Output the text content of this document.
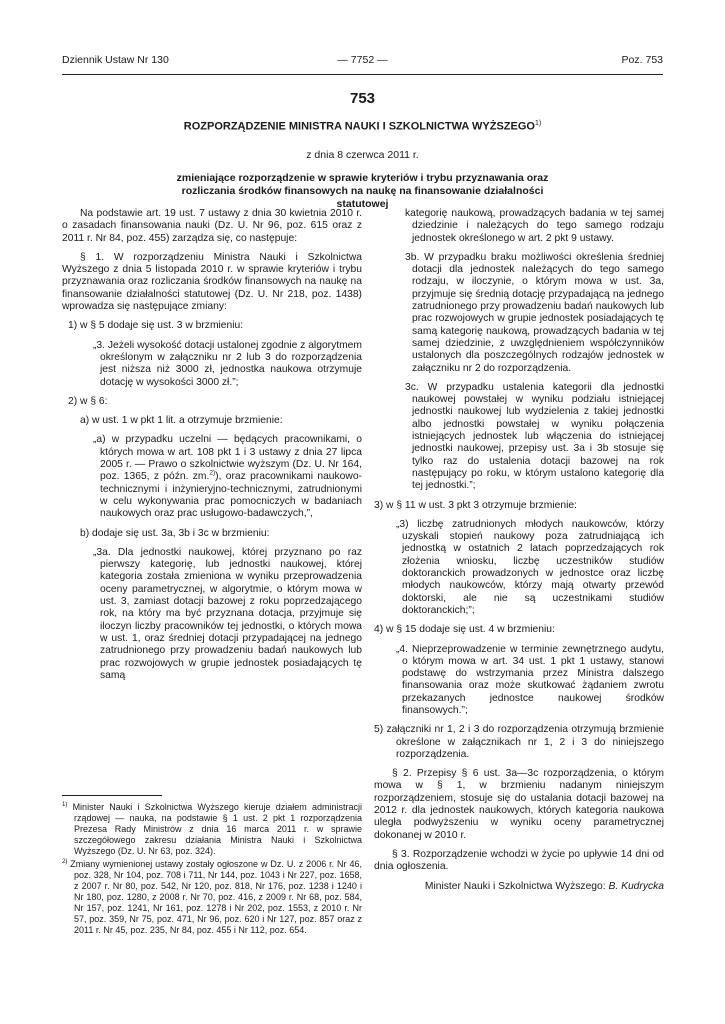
Dziennik Ustaw Nr 130	— 7752 —	Poz. 753
753
ROZPORZĄDZENIE MINISTRA NAUKI I SZKOLNICTWA WYŻSZEGO$^{1)}$
z dnia 8 czerwca 2011 r.
zmieniające rozporządzenie w sprawie kryteriów i trybu przyznawania oraz rozliczania środków finansowych na naukę na finansowanie działalności statutowej

Na podstawie art. 19 ust. 7 ustawy z dnia 30 kwietnia 2010 r. o zasadach finansowania nauki (Dz. U. Nr 96, poz. 615 oraz z 2011 r. Nr 84, poz. 455) zarządza się, co następuje:

§ 1. W rozporządzeniu Ministra Nauki i Szkolnictwa Wyższego z dnia 5 listopada 2010 r. w sprawie kryteriów i trybu przyznawania oraz rozliczania środków finansowych na naukę na finansowanie działalności statutowej (Dz. U. Nr 218, poz. 1438) wprowadza się następujące zmiany:

1) w § 5 dodaje się ust. 3 w brzmieniu:

„3. Jeżeli wysokość dotacji ustalonej zgodnie z algorytmem określonym w załączniku nr 2 lub 3 do rozporządzenia jest niższa niż 3000 zł, jednostka naukowa otrzymuje dotację w wysokości 3000 zł.”;

2) w § 6:

a) w ust. 1 w pkt 1 lit. a otrzymuje brzmienie:

„a) w przypadku uczelni — będących pracownikami, o których mowa w art. 108 pkt 1 i 3 ustawy z dnia 27 lipca 2005 r. — Prawo o szkolnictwie wyższym (Dz. U. Nr 164, poz. 1365, z późn. zm.$^{2)}$), oraz pracownikami naukowo-technicznymi i inżynieryjno-technicznymi, zatrudnionymi w celu wykonywania prac pomocniczych w badaniach naukowych oraz prac usługowo-badawczych,”,

b) dodaje się ust. 3a, 3b i 3c w brzmieniu:

„3a. Dla jednostki naukowej, której przyznano po raz pierwszy kategorię, lub jednostki naukowej, której kategoria została zmieniona w wyniku przeprowadzenia oceny parametrycznej, w algorytmie, o którym mowa w ust. 3, zamiast dotacji bazowej z roku poprzedzającego rok, na który ma być przyznana dotacja, przyjmuje się iloczyn liczby pracowników tej jednostki, o których mowa w ust. 1, oraz średniej dotacji przypadającej na jednego zatrudnionego przy prowadzeniu badań naukowych lub prac rozwojowych w grupie jednostek posiadających tę samą

$^{1)}$ Minister Nauki i Szkolnictwa Wyższego kieruje działem administracji rządowej — nauka, na podstawie § 1 ust. 2 pkt 1 rozporządzenia Prezesa Rady Ministrów z dnia 16 marca 2011 r. w sprawie szczegółowego zakresu działania Ministra Nauki i Szkolnictwa Wyższego (Dz. U. Nr 63, poz. 324).

$^{2)}$ Zmiany wymienionej ustawy zostały ogłoszone w Dz. U. z 2006 r. Nr 46, poz. 328, Nr 104, poz. 708 i 711, Nr 144, poz. 1043 i Nr 227, poz. 1658, z 2007 r. Nr 80, poz. 542, Nr 120, poz. 818, Nr 176, poz. 1238 i 1240 i Nr 180, poz. 1280, z 2008 r. Nr 70, poz. 416, z 2009 r. Nr 68, poz. 584, Nr 157, poz. 1241, Nr 161, poz. 1278 i Nr 202, poz. 1553, z 2010 r. Nr 57, poz. 359, Nr 75, poz. 471, Nr 96, poz. 620 i Nr 127, poz. 857 oraz z 2011 r. Nr 45, poz. 235, Nr 84, poz. 455 i Nr 112, poz. 654.

kategorię naukową, prowadzących badania w tej samej dziedzinie i należących do tego samego rodzaju jednostek określonego w art. 2 pkt 9 ustawy.

3b. W przypadku braku możliwości określenia średniej dotacji dla jednostek należących do tego samego rodzaju, w iloczynie, o którym mowa w ust. 3a, przyjmuje się średnią dotację przypadającą na jednego zatrudnionego przy prowadzeniu badań naukowych lub prac rozwojowych w grupie jednostek posiadających tę samą kategorię naukową, prowadzących badania w tej samej dziedzinie, z uwzględnieniem współczynników ustalonych dla poszczególnych rodzajów jednostek w załączniku nr 2 do rozporządzenia.

3c. W przypadku ustalenia kategorii dla jednostki naukowej powstałej w wyniku podziału istniejącej jednostki naukowej lub wydzielenia z takiej jednostki albo jednostki powstałej w wyniku połączenia istniejących jednostek lub włączenia do istniejącej jednostki naukowej, przepisy ust. 3a i 3b stosuje się tylko raz do ustalenia dotacji bazowej na rok następujący po roku, w którym ustalono kategorię dla tej jednostki.”;

3) w § 11 w ust. 3 pkt 3 otrzymuje brzmienie:

„3) liczbę zatrudnionych młodych naukowców, którzy uzyskali stopień naukowy poza zatrudniającą ich jednostką w ostatnich 2 latach poprzedzających rok złożenia wniosku, liczbę uczestników studiów doktoranckich prowadzonych w jednostce oraz liczbę młodych naukowców, którzy mają otwarty przewód doktorski, ale nie są uczestnikami studiów doktoranckich;”;

4) w § 15 dodaje się ust. 4 w brzmieniu:

„4. Nieprzeprowadzenie w terminie zewnętrznego audytu, o którym mowa w art. 34 ust. 1 pkt 1 ustawy, stanowi podstawę do wstrzymania przez Ministra dalszego finansowania oraz może skutkować żądaniem zwrotu przekazanych jednostce naukowej środków finansowych.”;

5) załączniki nr 1, 2 i 3 do rozporządzenia otrzymują brzmienie określone w załącznikach nr 1, 2 i 3 do niniejszego rozporządzenia.

§ 2. Przepisy § 6 ust. 3a—3c rozporządzenia, o którym mowa w § 1, w brzmieniu nadanym niniejszym rozporządzeniem, stosuje się do ustalania dotacji bazowej na 2012 r. dla jednostek naukowych, których kategoria naukowa uległa podwyższeniu w wyniku oceny parametrycznej dokonanej w 2010 r.

§ 3. Rozporządzenie wchodzi w życie po upływie 14 dni od dnia ogłoszenia.

Minister Nauki i Szkolnictwa Wyższego: B. Kudrycka
